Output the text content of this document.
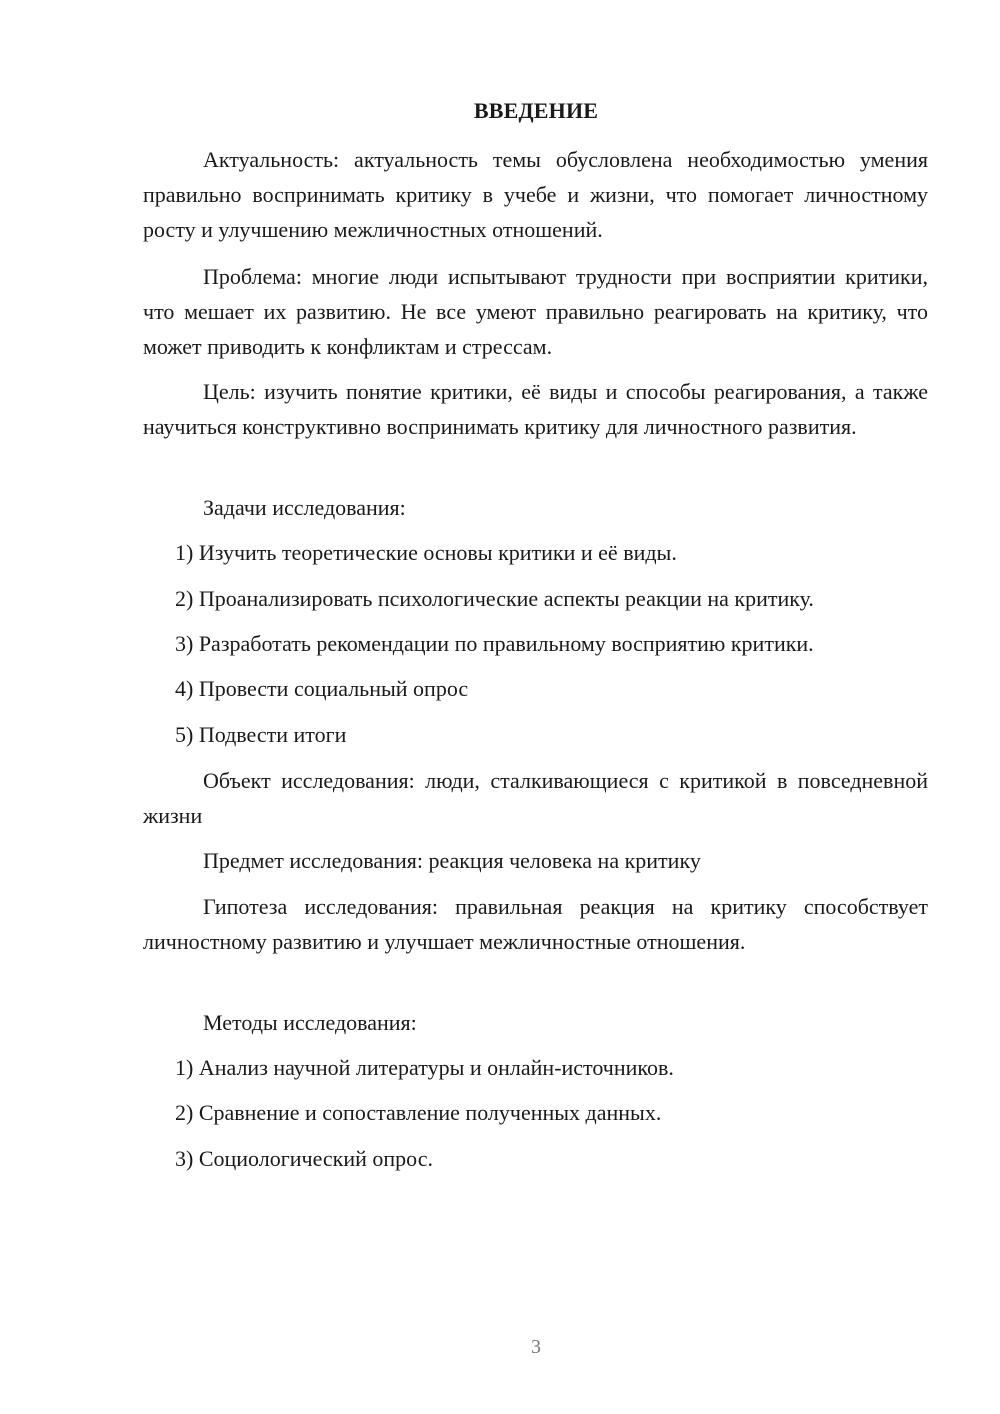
ВВЕДЕНИЕ

Актуальность: актуальность темы обусловлена необходимостью умения правильно воспринимать критику в учебе и жизни, что помогает личностному росту и улучшению межличностных отношений.

Проблема: многие люди испытывают трудности при восприятии критики, что мешает их развитию. Не все умеют правильно реагировать на критику, что может приводить к конфликтам и стрессам.

Цель: изучить понятие критики, её виды и способы реагирования, а также научиться конструктивно воспринимать критику для личностного развития.

Задачи исследования:

1) Изучить теоретические основы критики и её виды.

2) Проанализировать психологические аспекты реакции на критику.

3) Разработать рекомендации по правильному восприятию критики.

4) Провести социальный опрос

5) Подвести итоги

Объект исследования: люди, сталкивающиеся с критикой в повседневной жизни

Предмет исследования: реакция человека на критику

Гипотеза исследования: правильная реакция на критику способствует личностному развитию и улучшает межличностные отношения.

Методы исследования:

1) Анализ научной литературы и онлайн-источников.

2) Сравнение и сопоставление полученных данных.

3) Социологический опрос.

3
